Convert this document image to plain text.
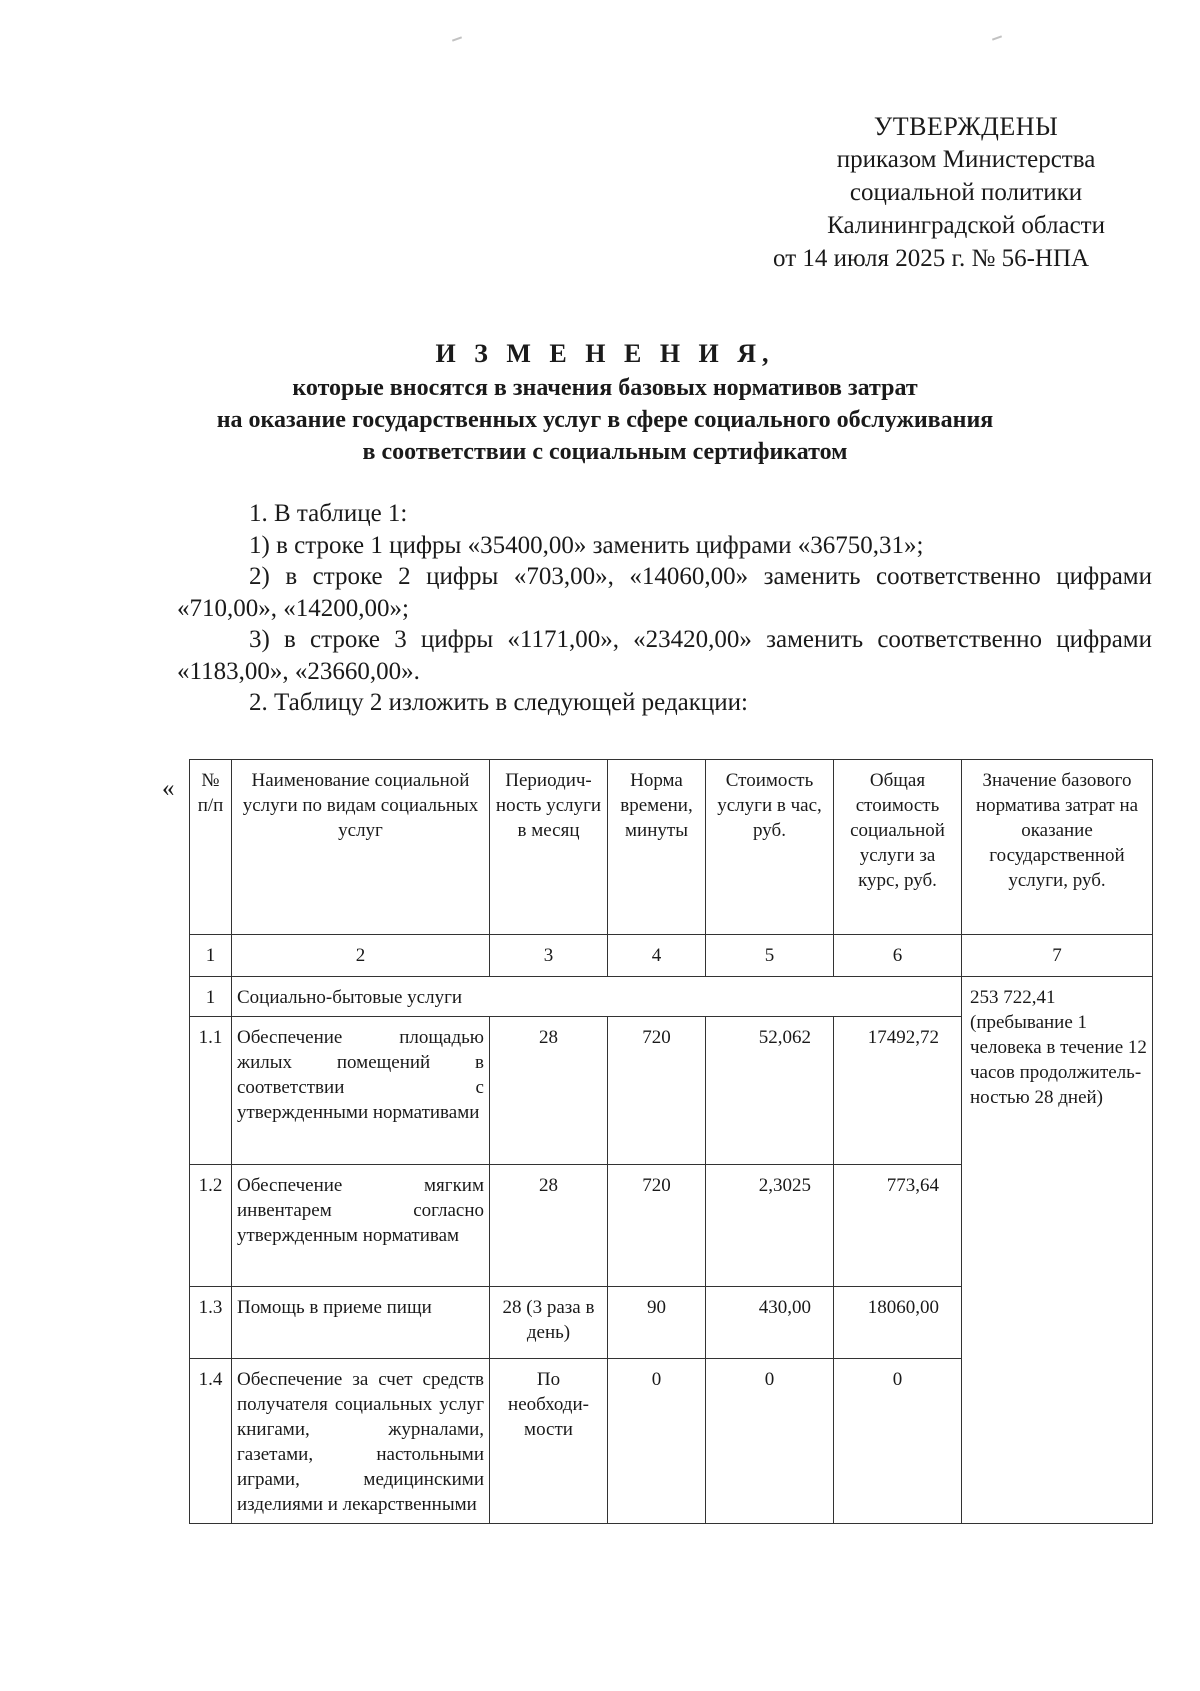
УТВЕРЖДЕНЫ
приказом Министерства
социальной политики
Калининградской области
от 14 июля 2025 г. № 56-НПА
И З М Е Н Е Н И Я,
которые вносятся в значения базовых нормативов затрат
на оказание государственных услуг в сфере социального обслуживания
в соответствии с социальным сертификатом

1. В таблице 1:

1) в строке 1 цифры «35400,00» заменить цифрами «36750,31»;

2) в строке 2 цифры «703,00», «14060,00» заменить соответственно цифрами «710,00», «14200,00»;

3) в строке 3 цифры «1171,00», «23420,00» заменить соответственно цифрами «1183,00», «23660,00».

2. Таблицу 2 изложить в следующей редакции:

« № п/п	Наименование социальной услуги по видам социальных услуг	Периодич-ность услуги в месяц	Норма времени, минуты	Стоимость услуги в час, руб.	Общая стоимость социальной услуги за курс, руб.	Значение базового норматива затрат на оказание государственной услуги, руб.
1	2	3	4	5	6	7
1	Социально-бытовые услуги					253 722,41 (пребывание 1 человека в течение 12 часов продолжитель-ностью 28 дней)
1.1	Обеспечение площадью жилых помещений в соответствии с утвержденными нормативами	28	720	52,062	17492,72	
1.2	Обеспечение мягким инвентарем согласно утвержденным нормативам	28	720	2,3025	773,64	
1.3	Помощь в приеме пищи	28 (3 раза в день)	90	430,00	18060,00	
1.4	Обеспечение за счет средств получателя социальных услуг книгами, журналами, газетами, настольными играми, медицинскими изделиями и лекарственными	По необходи-мости	0	0	0	
